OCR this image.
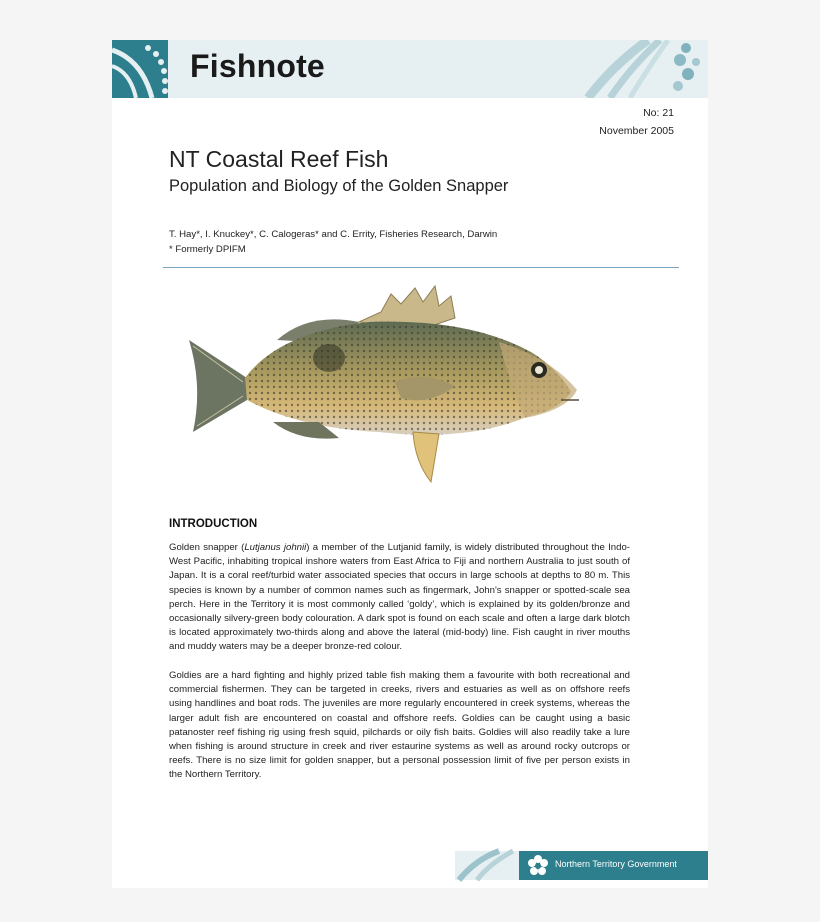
Fishnote
No: 21
November 2005
NT Coastal Reef Fish
Population and Biology of the Golden Snapper
T. Hay*, I. Knuckey*, C. Calogeras* and C. Errity, Fisheries Research, Darwin
* Formerly DPIFM
INTRODUCTION

Golden snapper (Lutjanus johnii) a member of the Lutjanid family, is widely distributed throughout the Indo-West Pacific, inhabiting tropical inshore waters from East Africa to Fiji and northern Australia to just south of Japan. It is a coral reef/turbid water associated species that occurs in large schools at depths to 80 m. This species is known by a number of common names such as fingermark, John's snapper or spotted-scale sea perch. Here in the Territory it is most commonly called ‘goldy’, which is explained by its golden/bronze and occasionally silvery-green body colouration. A dark spot is found on each scale and often a large dark blotch is located approximately two-thirds along and above the lateral (mid-body) line. Fish caught in river mouths and muddy waters may be a deeper bronze-red colour.

Goldies are a hard fighting and highly prized table fish making them a favourite with both recreational and commercial fishermen. They can be targeted in creeks, rivers and estuaries as well as on offshore reefs using handlines and boat rods. The juveniles are more regularly encountered in creek systems, whereas the larger adult fish are encountered on coastal and offshore reefs. Goldies can be caught using a basic patanoster reef fishing rig using fresh squid, pilchards or oily fish baits. Goldies will also readily take a lure when fishing is around structure in creek and river estaurine systems as well as around rocky outcrops or reefs. There is no size limit for golden snapper, but a personal possession limit of five per person exists in the Northern Territory.

Northern Territory Government
